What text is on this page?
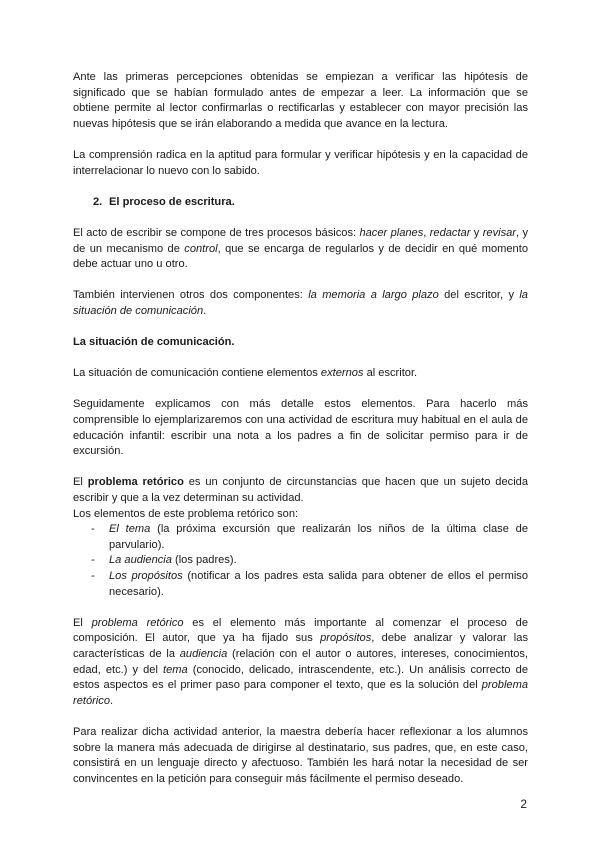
Ante las primeras percepciones obtenidas se empiezan a verificar las hipótesis de significado que se habían formulado antes de empezar a leer. La información que se obtiene permite al lector confirmarlas o rectificarlas y establecer con mayor precisión las nuevas hipótesis que se irán elaborando a medida que avance en la lectura.

La comprensión radica en la aptitud para formular y verificar hipótesis y en la capacidad de interrelacionar lo nuevo con lo sabido.

2. El proceso de escritura.

El acto de escribir se compone de tres procesos básicos: hacer planes, redactar y revisar, y de un mecanismo de control, que se encarga de regularlos y de decidir en qué momento debe actuar uno u otro.

También intervienen otros dos componentes: la memoria a largo plazo del escritor, y la situación de comunicación.

La situación de comunicación.

La situación de comunicación contiene elementos externos al escritor.

Seguidamente explicamos con más detalle estos elementos. Para hacerlo más comprensible lo ejemplarizaremos con una actividad de escritura muy habitual en el aula de educación infantil: escribir una nota a los padres a fin de solicitar permiso para ir de excursión.

El problema retórico es un conjunto de circunstancias que hacen que un sujeto decida escribir y que a la vez determinan su actividad.

Los elementos de este problema retórico son:

- El tema (la próxima excursión que realizarán los niños de la última clase de parvulario).
- La audiencia (los padres).
- Los propósitos (notificar a los padres esta salida para obtener de ellos el permiso necesario).

El problema retórico es el elemento más importante al comenzar el proceso de composición. El autor, que ya ha fijado sus propósitos, debe analizar y valorar las características de la audiencia (relación con el autor o autores, intereses, conocimientos, edad, etc.) y del tema (conocido, delicado, intrascendente, etc.). Un análisis correcto de estos aspectos es el primer paso para componer el texto, que es la solución del problema retórico.

Para realizar dicha actividad anterior, la maestra debería hacer reflexionar a los alumnos sobre la manera más adecuada de dirigirse al destinatario, sus padres, que, en este caso, consistirá en un lenguaje directo y afectuoso. También les hará notar la necesidad de ser convincentes en la petición para conseguir más fácilmente el permiso deseado.

2
